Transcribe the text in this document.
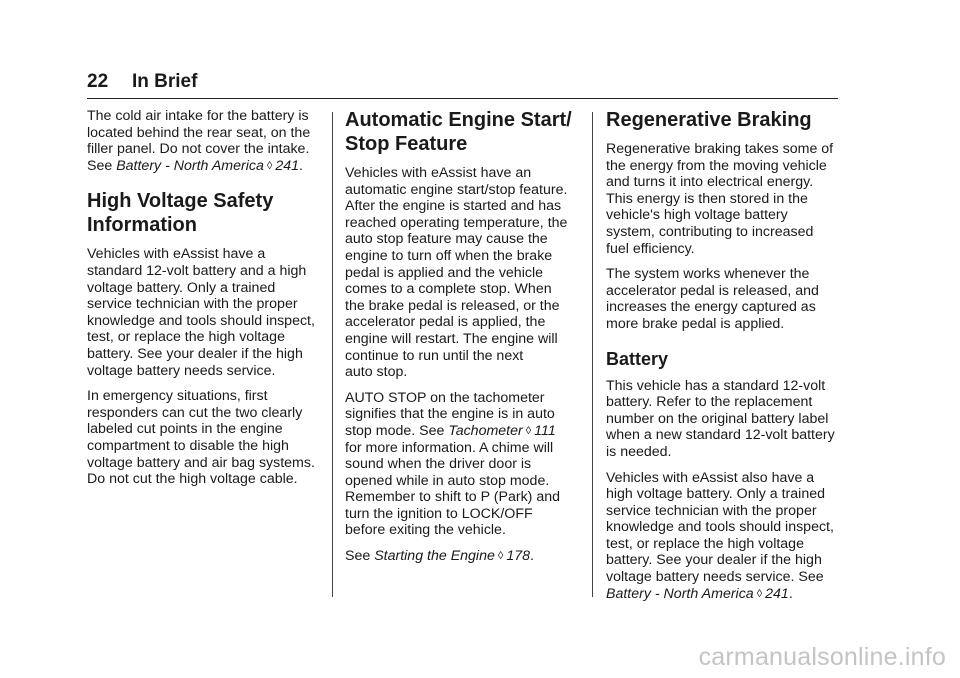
22 In Brief

The cold air intake for the battery is
located behind the rear seat, on the
filler panel. Do not cover the intake.
See Battery - North America ◊ 241.

High Voltage Safety
Information

Vehicles with eAssist have a
standard 12-volt battery and a high
voltage battery. Only a trained
service technician with the proper
knowledge and tools should inspect,
test, or replace the high voltage
battery. See your dealer if the high
voltage battery needs service.

In emergency situations, first
responders can cut the two clearly
labeled cut points in the engine
compartment to disable the high
voltage battery and air bag systems.
Do not cut the high voltage cable.

Automatic Engine Start/
Stop Feature

Vehicles with eAssist have an
automatic engine start/stop feature.
After the engine is started and has
reached operating temperature, the
auto stop feature may cause the
engine to turn off when the brake
pedal is applied and the vehicle
comes to a complete stop. When
the brake pedal is released, or the
accelerator pedal is applied, the
engine will restart. The engine will
continue to run until the next
auto stop.

AUTO STOP on the tachometer
signifies that the engine is in auto
stop mode. See Tachometer ◊ 111
for more information. A chime will
sound when the driver door is
opened while in auto stop mode.
Remember to shift to P (Park) and
turn the ignition to LOCK/OFF
before exiting the vehicle.

See Starting the Engine ◊ 178.

Regenerative Braking

Regenerative braking takes some of
the energy from the moving vehicle
and turns it into electrical energy.
This energy is then stored in the
vehicle's high voltage battery
system, contributing to increased
fuel efficiency.

The system works whenever the
accelerator pedal is released, and
increases the energy captured as
more brake pedal is applied.

Battery

This vehicle has a standard 12-volt
battery. Refer to the replacement
number on the original battery label
when a new standard 12-volt battery
is needed.

Vehicles with eAssist also have a
high voltage battery. Only a trained
service technician with the proper
knowledge and tools should inspect,
test, or replace the high voltage
battery. See your dealer if the high
voltage battery needs service. See
Battery - North America ◊ 241.

carmanualsonline.info
